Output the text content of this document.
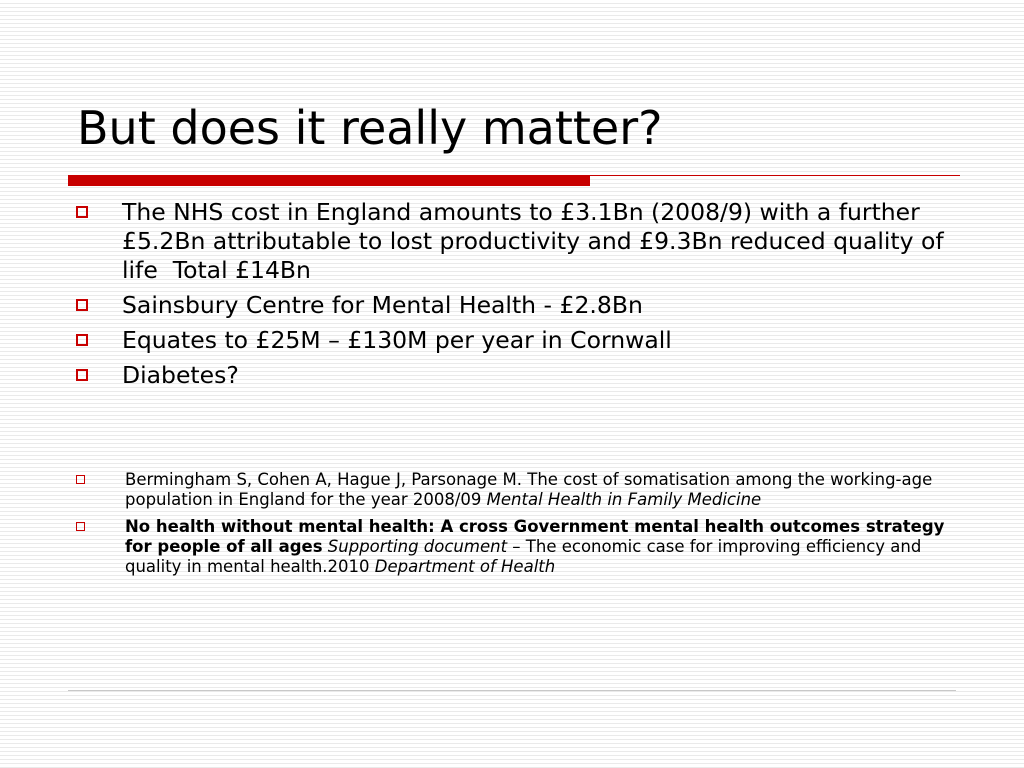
But does it really matter?
The NHS cost in England amounts to £3.1Bn (2008/9) with a further £5.2Bn attributable to lost productivity and £9.3Bn reduced quality of life  Total £14Bn
Sainsbury Centre for Mental Health - £2.8Bn
Equates to £25M – £130M per year in Cornwall
Diabetes?
Bermingham S, Cohen A, Hague J, Parsonage M. The cost of somatisation among the working-age population in England for the year 2008/09 Mental Health in Family Medicine
No health without mental health: A cross Government mental health outcomes strategy for people of all ages Supporting document – The economic case for improving efficiency and quality in mental health.2010 Department of Health
